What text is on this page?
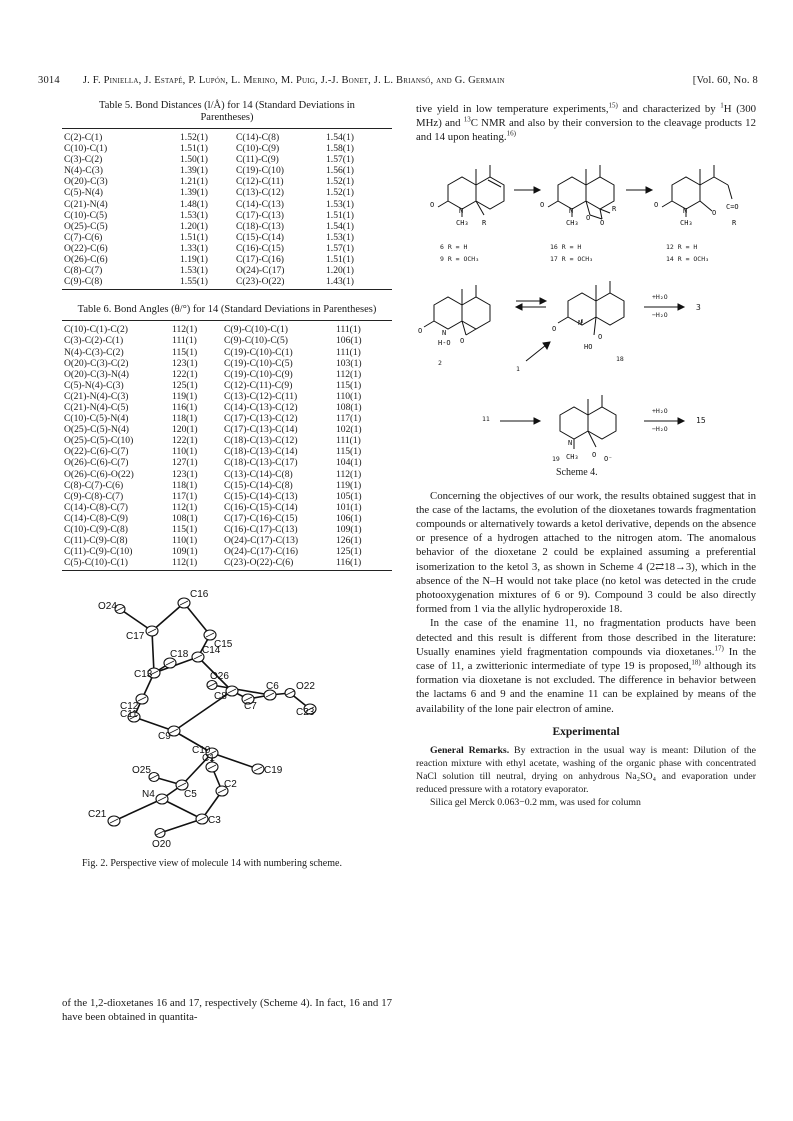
3014 J. F. Piniella, J. Estapé, P. Lupón, L. Merino, M. Puig, J.-J. Bonet, J. L. Briansó, and G. Germain	[Vol. 60, No. 8
Table 5. Bond Distances (l/Å) for 14 (Standard Deviations in Parentheses)

C(2)-C(1)	1.52(1)	C(14)-C(8)	1.54(1)
C(10)-C(1)	1.51(1)	C(10)-C(9)	1.58(1)
C(3)-C(2)	1.50(1)	C(11)-C(9)	1.57(1)
N(4)-C(3)	1.39(1)	C(19)-C(10)	1.56(1)
O(20)-C(3)	1.21(1)	C(12)-C(11)	1.52(1)
C(5)-N(4)	1.39(1)	C(13)-C(12)	1.52(1)
C(21)-N(4)	1.48(1)	C(14)-C(13)	1.53(1)
C(10)-C(5)	1.53(1)	C(17)-C(13)	1.51(1)
O(25)-C(5)	1.20(1)	C(18)-C(13)	1.54(1)
C(7)-C(6)	1.51(1)	C(15)-C(14)	1.53(1)
O(22)-C(6)	1.33(1)	C(16)-C(15)	1.57(1)
O(26)-C(6)	1.19(1)	C(17)-C(16)	1.51(1)
C(8)-C(7)	1.53(1)	O(24)-C(17)	1.20(1)
C(9)-C(8)	1.55(1)	C(23)-O(22)	1.43(1)
Table 6. Bond Angles (θ/°) for 14 (Standard Deviations in Parentheses)

C(10)-C(1)-C(2)	112(1)	C(9)-C(10)-C(1)	111(1)
C(3)-C(2)-C(1)	111(1)	C(9)-C(10)-C(5)	106(1)
N(4)-C(3)-C(2)	115(1)	C(19)-C(10)-C(1)	111(1)
O(20)-C(3)-C(2)	123(1)	C(19)-C(10)-C(5)	103(1)
O(20)-C(3)-N(4)	122(1)	C(19)-C(10)-C(9)	112(1)
C(5)-N(4)-C(3)	125(1)	C(12)-C(11)-C(9)	115(1)
C(21)-N(4)-C(3)	119(1)	C(13)-C(12)-C(11)	110(1)
C(21)-N(4)-C(5)	116(1)	C(14)-C(13)-C(12)	108(1)
C(10)-C(5)-N(4)	118(1)	C(17)-C(13)-C(12)	117(1)
O(25)-C(5)-N(4)	120(1)	C(17)-C(13)-C(14)	102(1)
O(25)-C(5)-C(10)	122(1)	C(18)-C(13)-C(12)	111(1)
O(22)-C(6)-C(7)	110(1)	C(18)-C(13)-C(14)	115(1)
O(26)-C(6)-C(7)	127(1)	C(18)-C(13)-C(17)	104(1)
O(26)-C(6)-O(22)	123(1)	C(13)-C(14)-C(8)	112(1)
C(8)-C(7)-C(6)	118(1)	C(15)-C(14)-C(8)	119(1)
C(9)-C(8)-C(7)	117(1)	C(15)-C(14)-C(13)	105(1)
C(14)-C(8)-C(7)	112(1)	C(16)-C(15)-C(14)	101(1)
C(14)-C(8)-C(9)	108(1)	C(17)-C(16)-C(15)	106(1)
C(10)-C(9)-C(8)	115(1)	C(16)-C(17)-C(13)	109(1)
C(11)-C(9)-C(8)	110(1)	O(24)-C(17)-C(13)	126(1)
C(11)-C(9)-C(10)	109(1)	O(24)-C(17)-C(16)	125(1)
C(5)-C(10)-C(1)	112(1)	C(23)-O(22)-C(6)	116(1)
C16
O24
C17
C15
C14
C18
C13	O26
O22
C6
C7
C8
C23
C12
C11
C9
C10
C1
C19
O25
C5
C2
N4
C21
O20
C3
Fig. 2. Perspective view of molecule 14 with numbering scheme.
of the 1,2-dioxetanes 16 and 17, respectively (Scheme 4). In fact, 16 and 17 have been obtained in quantita-

tive yield in low temperature experiments,$^{15)}$ and characterized by $^1$H (300 MHz) and $^{13}$C NMR and also by their conversion to the cleavage products 12 and 14 upon heating.$^{16)}$

O
N
CH₃ R
O
N
CH₃
O
O
R	O
N	O
CH₃
C=O
R
6 R = H
9 R = OCH₃
16 R = H
17 R = OCH₃
12 R = H
14 R = OCH₃
O	N
H-O O
O
N
HO
O
2
1
18
+H₂O
−H₂O
3
N
CH₃ O O⁻
11
19
+H₂O
−H₂O
15
Scheme 4.

Concerning the objectives of our work, the results obtained suggest that in the case of the lactams, the evolution of the dioxetanes towards fragmentation compounds or alternatively towards a ketol derivative, depends on the absence or presence of a hydrogen attached to the nitrogen atom. The anomalous behavior of the dioxetane 2 could be explained assuming a preferential isomerization to the ketol 3, as shown in Scheme 4 (2⇄18→3), which in the absence of the N–H would not take place (no ketol was detected in the crude photooxygenation mixtures of 6 or 9). Compound 3 could be also directly formed from 1 via the allylic hydroperoxide 18.

In the case of the enamine 11, no fragmentation products have been detected and this result is different from those described in the literature: Usually enamines yield fragmentation compounds via dioxetanes.$^{17)}$ In the case of 11, a zwitterionic intermediate of type 19 is proposed,$^{18)}$ although its formation via dioxetane is not excluded. The difference in behavior between the lactams 6 and 9 and the enamine 11 can be explained by means of the availability of the lone pair electron of amine.

Experimental

General Remarks. By extraction in the usual way is meant: Dilution of the reaction mixture with ethyl acetate, washing of the organic phase with concentrated NaCl solution till neutral, drying on anhydrous Na₂SO₄ and evaporation under reduced pressure with a rotatory evaporator.

Silica gel Merck 0.063−0.2 mm, was used for column
